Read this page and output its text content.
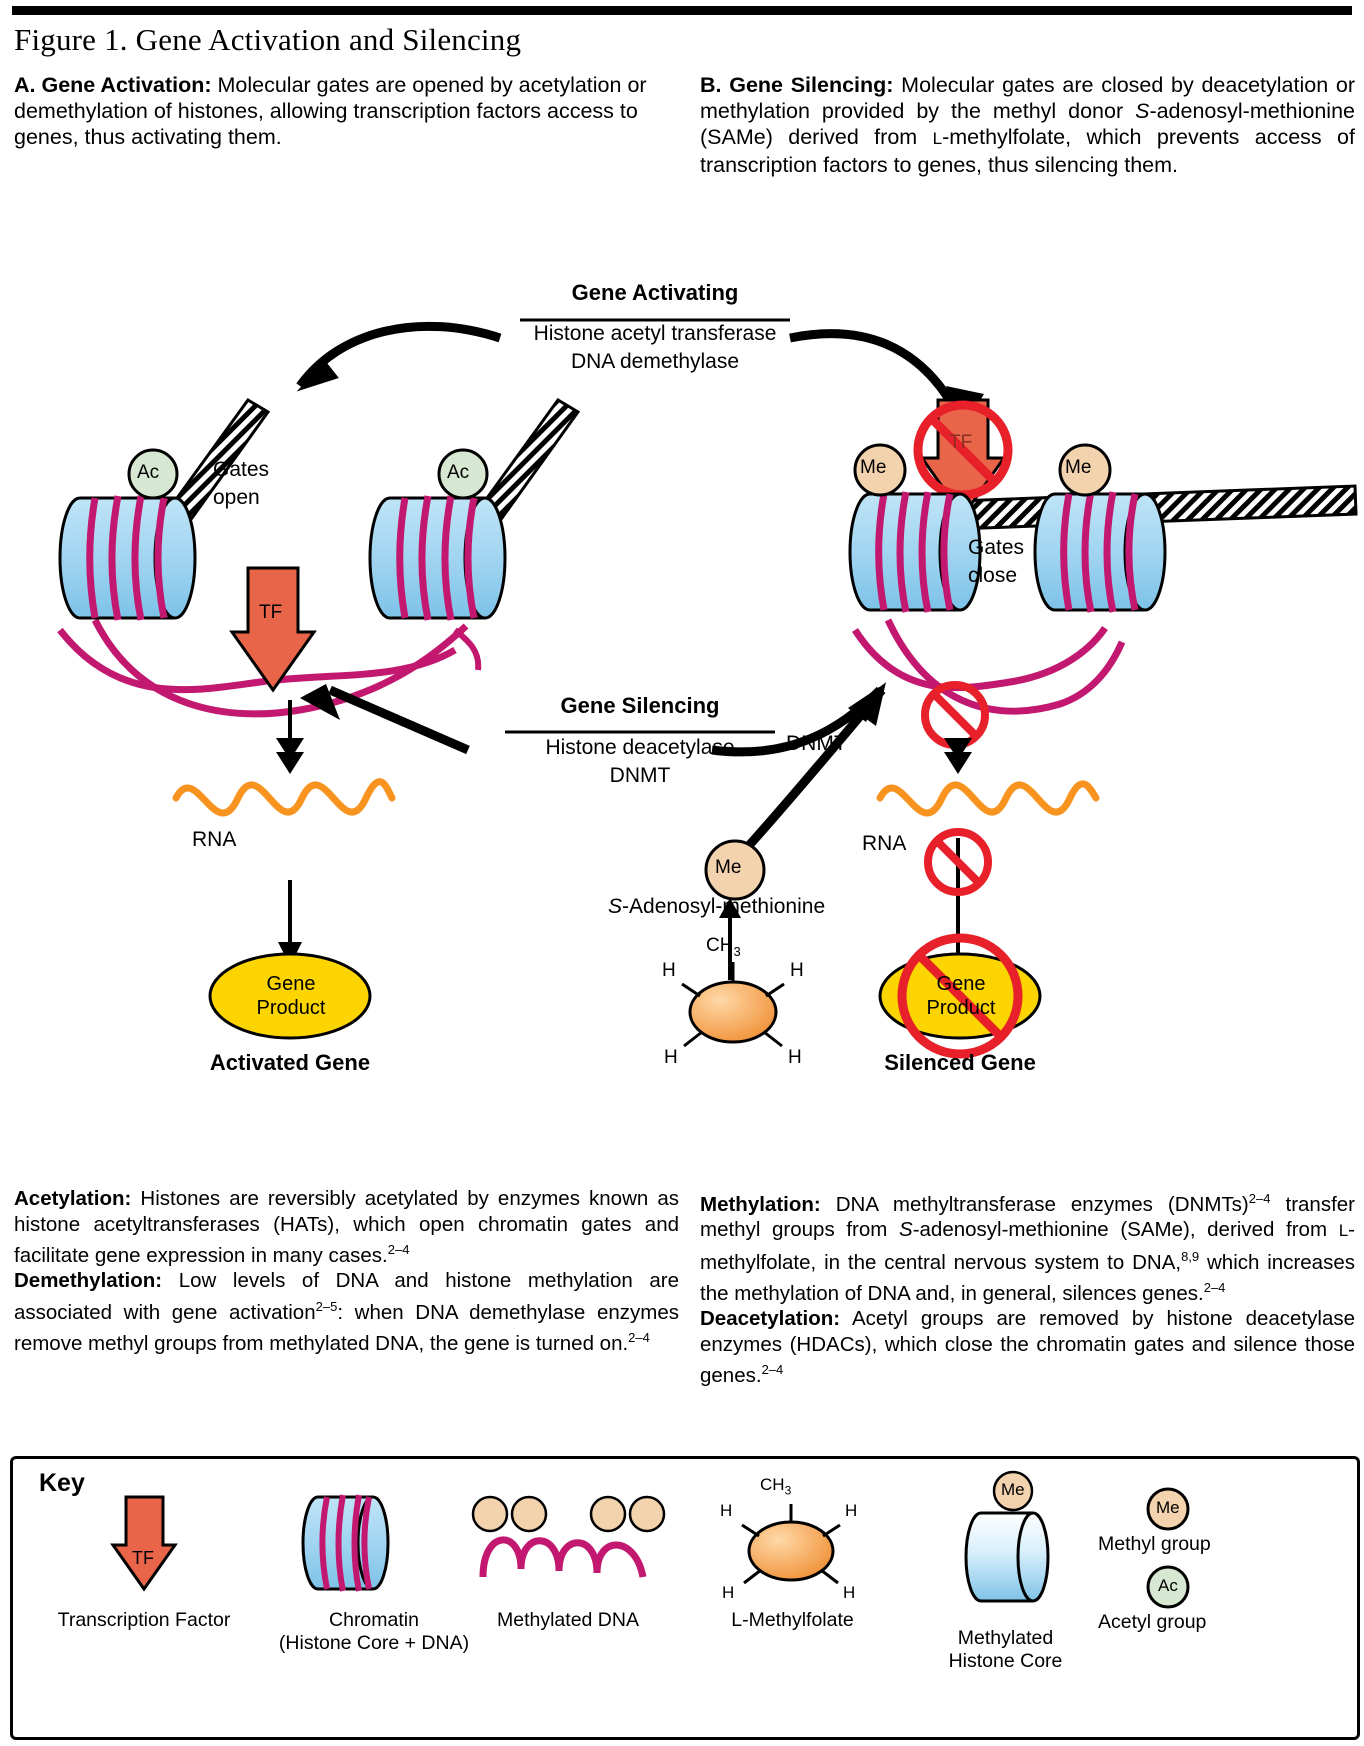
Figure 1. Gene Activation and Silencing
A. Gene Activation: Molecular gates are opened by acetylation or demethylation of histones, allowing transcription factors access to genes, thus activating them.
B. Gene Silencing: Molecular gates are closed by deacetylation or methylation provided by the methyl donor S-adenosyl-methionine (SAMe) derived from L-methylfolate, which prevents access of transcription factors to genes, thus silencing them.
Gene Activating
Histone acetyl transferase
DNA demethylase
Gene Silencing
Histone deacetylase
DNMT
Gates
open
Gates
close
Ac	Ac	Me	Me
Me
TF
TF
RNA	RNA
Gene
Product
Gene
Product
Activated Gene	Silenced Gene
DNMT
S-Adenosyl-methionine
$CH_3$
H	H
H	H
Acetylation: Histones are reversibly acetylated by enzymes known as histone acetyltransferases (HATs), which open chromatin gates and facilitate gene expression in many cases.$^{2-4}$
Demethylation: Low levels of DNA and histone methylation are associated with gene activation$^{2-5}$: when DNA demethylase enzymes remove methyl groups from methylated DNA, the gene is turned on.$^{2-4}$
Methylation: DNA methyltransferase enzymes (DNMTs)$^{2-4}$ transfer methyl groups from S-adenosyl-methionine (SAMe), derived from L-methylfolate, in the central nervous system to DNA,$^{8,9}$ which increases the methylation of DNA and, in general, silences genes.$^{2-4}$
Deacetylation: Acetyl groups are removed by histone deacetylase enzymes (HDACs), which close the chromatin gates and silence those genes.$^{2-4}$
Key
TF
Me
Me
Ac
$CH_3$
H	H
H	H
Transcription Factor	Chromatin
(Histone Core + DNA)
Methylated DNA	L-Methylfolate
Methylated
Histone Core
Methyl group
Acetyl group
